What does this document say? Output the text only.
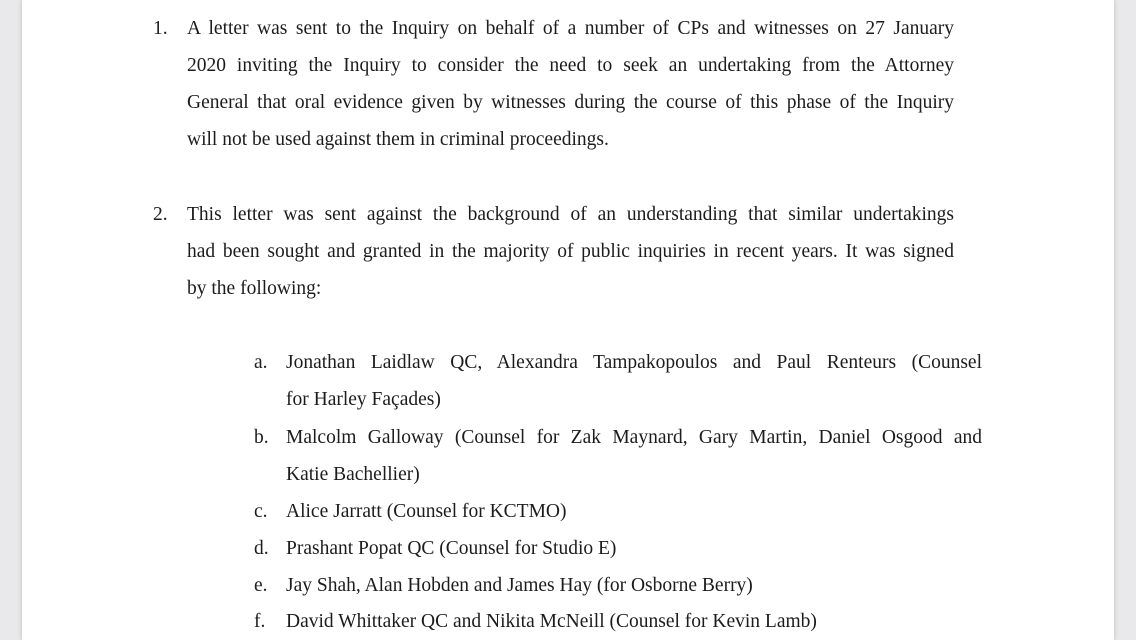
1. A letter was sent to the Inquiry on behalf of a number of CPs and witnesses on 27 January
2020 inviting the Inquiry to consider the need to seek an undertaking from the Attorney
General that oral evidence given by witnesses during the course of this phase of the Inquiry
will not be used against them in criminal proceedings.
2. This letter was sent against the background of an understanding that similar undertakings
had been sought and granted in the majority of public inquiries in recent years. It was signed
by the following:
a. Jonathan Laidlaw QC, Alexandra Tampakopoulos and Paul Renteurs (Counsel
for Harley Façades)
b. Malcolm Galloway (Counsel for Zak Maynard, Gary Martin, Daniel Osgood and
Katie Bachellier)
c. Alice Jarratt (Counsel for KCTMO)
d. Prashant Popat QC (Counsel for Studio E)
e. Jay Shah, Alan Hobden and James Hay (for Osborne Berry)
f. David Whittaker QC and Nikita McNeill (Counsel for Kevin Lamb)
